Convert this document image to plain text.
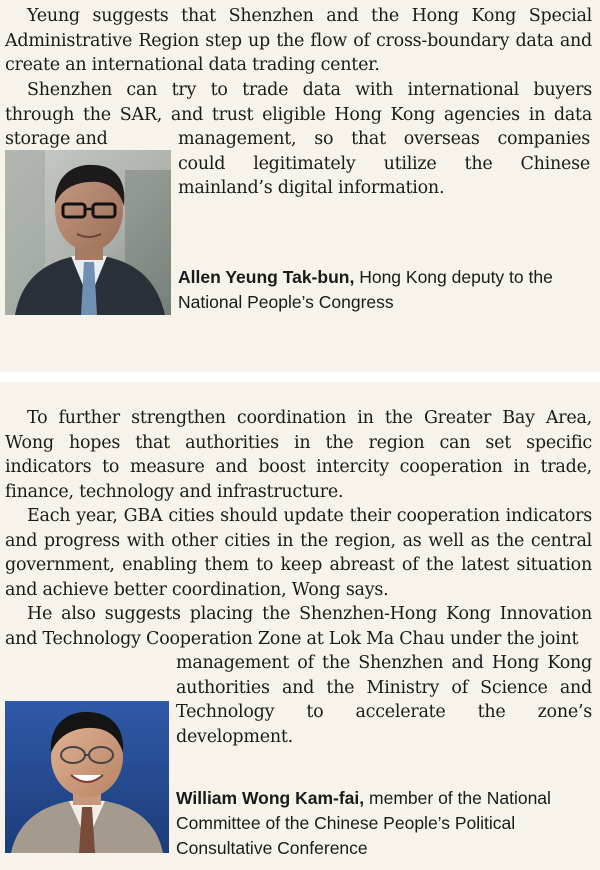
Yeung suggests that Shenzhen and the Hong Kong Special Administrative Region step up the flow of cross-boundary data and create an international data trading center.

Shenzhen can try to trade data with international buyers through the SAR, and trust eligible Hong Kong agencies in data storage and	management, so that overseas companies could legitimately utilize the Chinese mainland’s digital information.

Allen Yeung Tak-bun, Hong Kong deputy to the National People’s Congress

To further strengthen coordination in the Greater Bay Area, Wong hopes that authorities in the region can set specific indicators to measure and boost intercity cooperation in trade, finance, technology and infrastructure.

Each year, GBA cities should update their cooperation indicators and progress with other cities in the region, as well as the central government, enabling them to keep abreast of the latest situation and achieve better coordination, Wong says.

He also suggests placing the Shenzhen-Hong Kong Innovation and Technology Cooperation Zone at Lok Ma Chau under the joint

management of the Shenzhen and Hong Kong authorities and the Ministry of Science and Technology to accelerate the zone’s development.

William Wong Kam-fai, member of the National Committee of the Chinese People’s Political Consultative Conference
